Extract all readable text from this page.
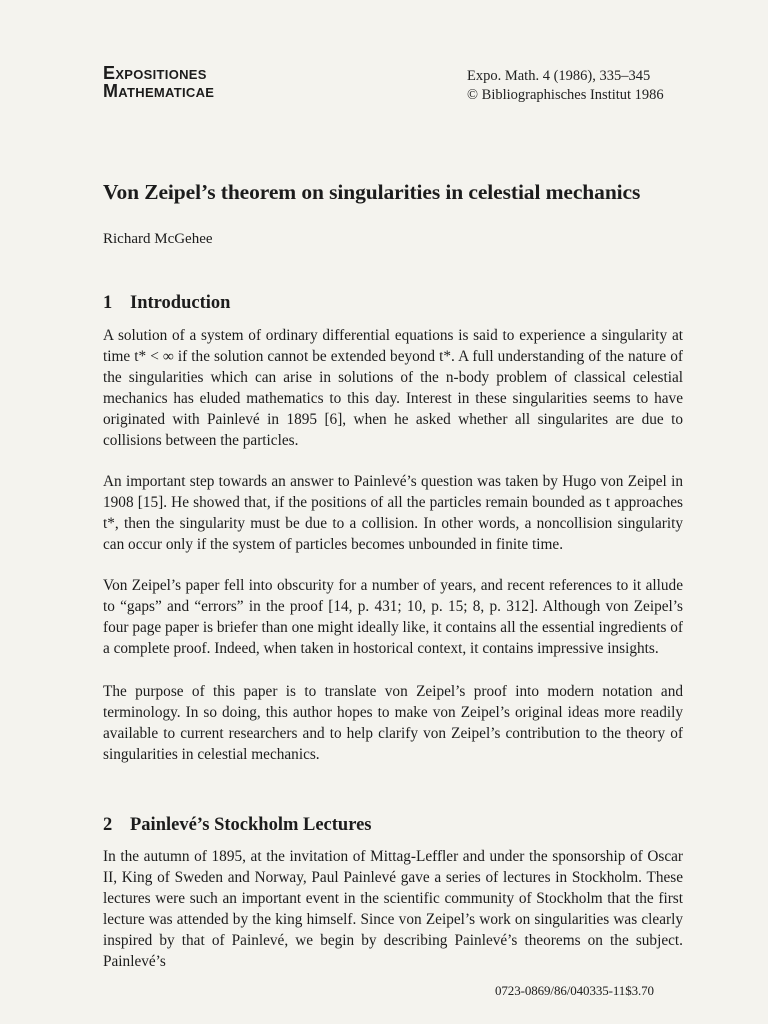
EXPOSITIONES
MATHEMATICAE
Expo. Math. 4 (1986), 335–345
© Bibliographisches Institut 1986
Von Zeipel’s theorem on singularities in celestial mechanics
Richard McGehee
1 Introduction

A solution of a system of ordinary differential equations is said to experience a singularity at time t* < ∞ if the solution cannot be extended beyond t*. A full understanding of the nature of the singularities which can arise in solutions of the n-body problem of classical celestial mechanics has eluded mathematics to this day. Interest in these singularities seems to have originated with Painlevé in 1895 [6], when he asked whether all singularites are due to collisions between the particles.

An important step towards an answer to Painlevé’s question was taken by Hugo von Zeipel in 1908 [15]. He showed that, if the positions of all the particles remain bounded as t approaches t*, then the singularity must be due to a collision. In other words, a noncollision singularity can occur only if the system of particles becomes unbounded in finite time.

Von Zeipel’s paper fell into obscurity for a number of years, and recent references to it allude to “gaps” and “errors” in the proof [14, p. 431; 10, p. 15; 8, p. 312]. Although von Zeipel’s four page paper is briefer than one might ideally like, it contains all the essential ingredients of a complete proof. Indeed, when taken in hostorical context, it contains impressive insights.

The purpose of this paper is to translate von Zeipel’s proof into modern notation and terminology. In so doing, this author hopes to make von Zeipel’s original ideas more readily available to current researchers and to help clarify von Zeipel’s contribution to the theory of singularities in celestial mechanics.

2 Painlevé’s Stockholm Lectures

In the autumn of 1895, at the invitation of Mittag-Leffler and under the sponsorship of Oscar II, King of Sweden and Norway, Paul Painlevé gave a series of lectures in Stockholm. These lectures were such an important event in the scientific community of Stockholm that the first lecture was attended by the king himself. Since von Zeipel’s work on singularities was clearly inspired by that of Painlevé, we begin by describing Painlevé’s theorems on the subject. Painlevé’s

0723-0869/86/040335-11$3.70
